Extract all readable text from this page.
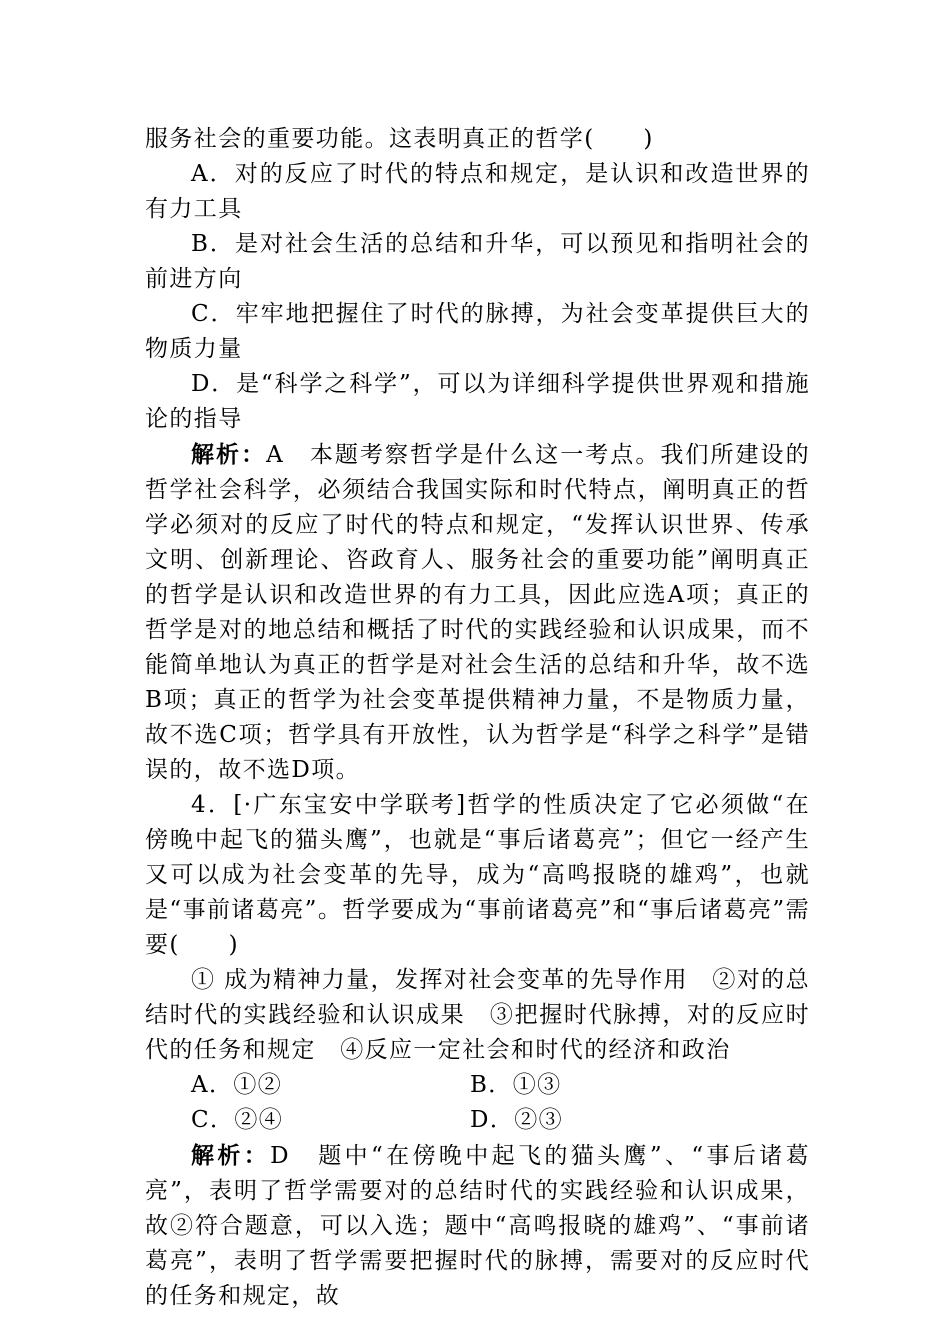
服务社会的重要功能。这表明真正的哲学(　　)

A．对的反应了时代的特点和规定，是认识和改造世界的有力工具

B．是对社会生活的总结和升华，可以预见和指明社会的前进方向

C．牢牢地把握住了时代的脉搏，为社会变革提供巨大的物质力量

D．是“科学之科学”，可以为详细科学提供世界观和措施论的指导

解析：A　本题考察哲学是什么这一考点。我们所建设的哲学社会科学，必须结合我国实际和时代特点，阐明真正的哲学必须对的反应了时代的特点和规定，“发挥认识世界、传承文明、创新理论、咨政育人、服务社会的重要功能”阐明真正的哲学是认识和改造世界的有力工具，因此应选A项；真正的哲学是对的地总结和概括了时代的实践经验和认识成果，而不能简单地认为真正的哲学是对社会生活的总结和升华，故不选B项；真正的哲学为社会变革提供精神力量，不是物质力量，故不选C项；哲学具有开放性，认为哲学是“科学之科学”是错误的，故不选D项。

4．[·广东宝安中学联考]哲学的性质决定了它必须做“在傍晚中起飞的猫头鹰”，也就是“事后诸葛亮”；但它一经产生又可以成为社会变革的先导，成为“高鸣报晓的雄鸡”，也就是“事前诸葛亮”。哲学要成为“事前诸葛亮”和“事后诸葛亮”需要(　　)

① 成为精神力量，发挥对社会变革的先导作用　②对的总结时代的实践经验和认识成果　③把握时代脉搏，对的反应时代的任务和规定　④反应一定社会和时代的经济和政治

A．①②	B．①③
C．②④	D．②③

解析：D　题中“在傍晚中起飞的猫头鹰”、“事后诸葛亮”，表明了哲学需要对的总结时代的实践经验和认识成果，故②符合题意，可以入选；题中“高鸣报晓的雄鸡”、“事前诸葛亮”，表明了哲学需要把握时代的脉搏，需要对的反应时代的任务和规定，故
